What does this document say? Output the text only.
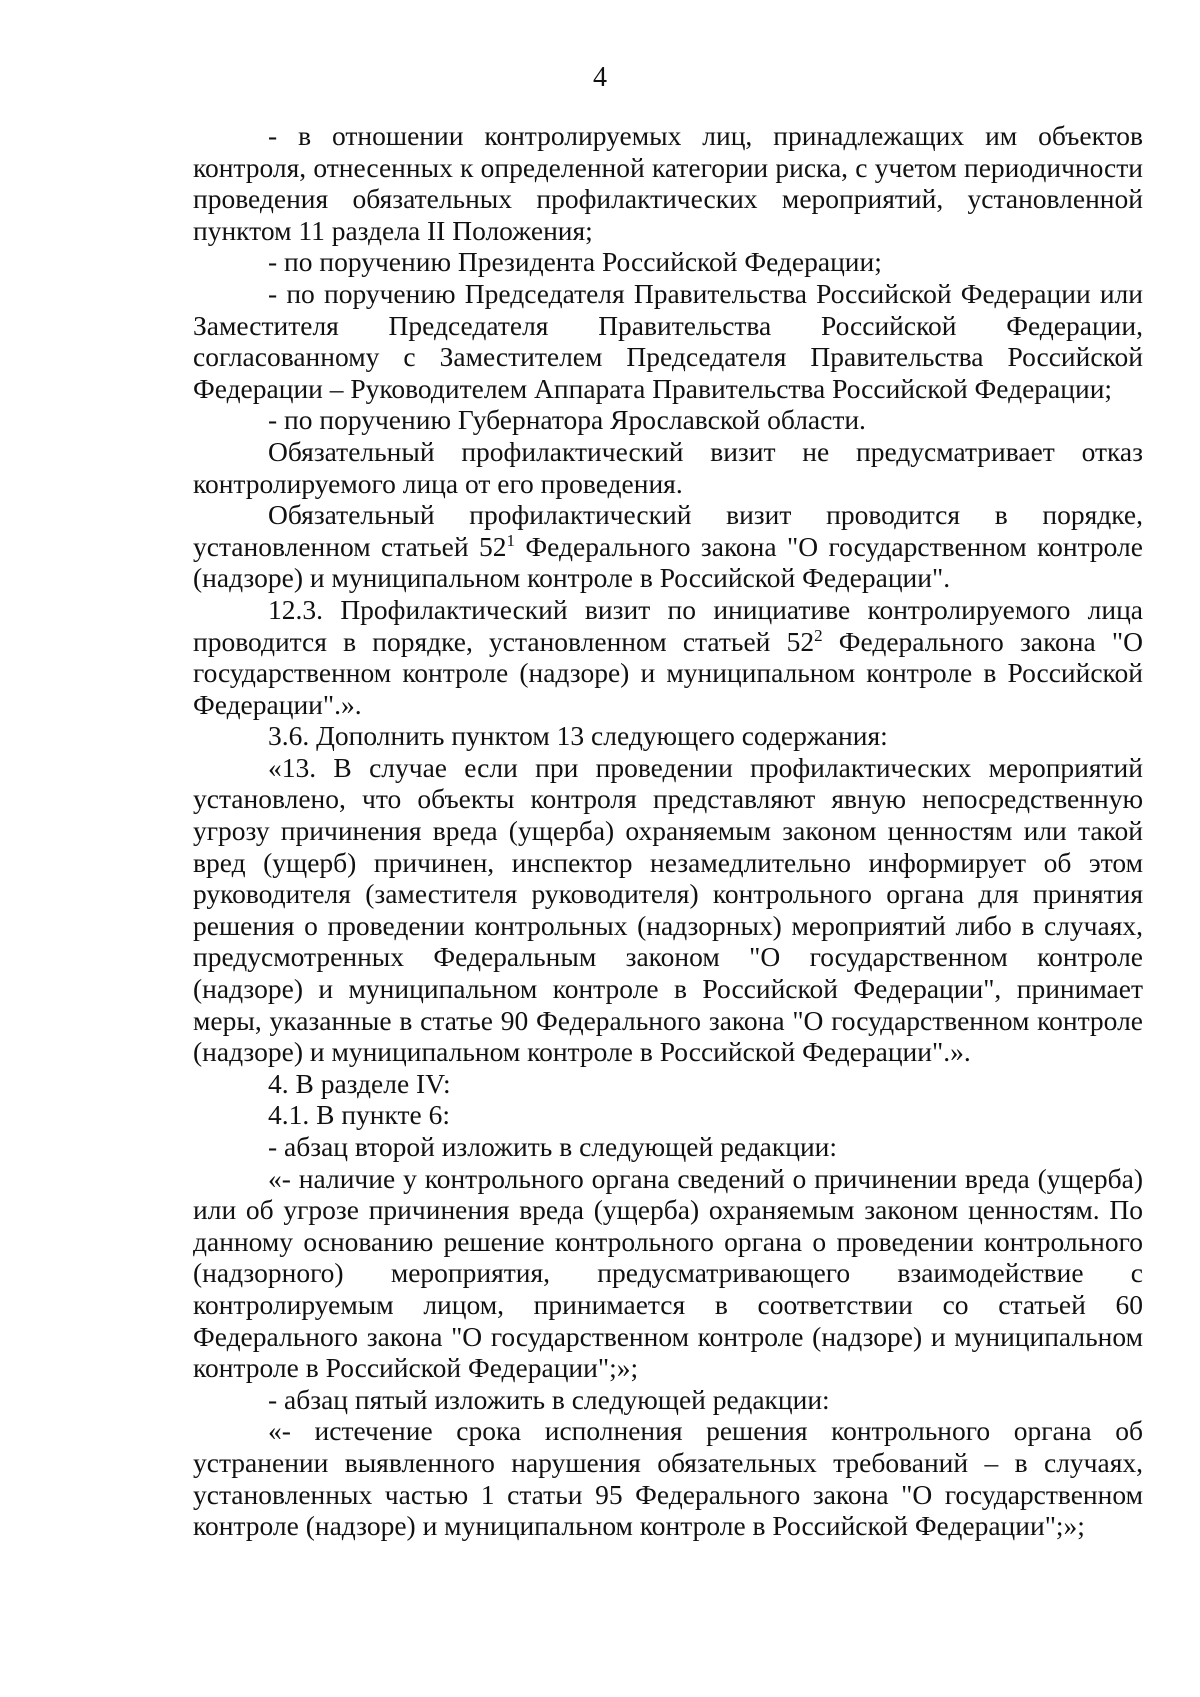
4

- в отношении контролируемых лиц, принадлежащих им объектов контроля, отнесенных к определенной категории риска, с учетом периодичности проведения обязательных профилактических мероприятий, установленной пунктом 11 раздела II Положения;

- по поручению Президента Российской Федерации;

- по поручению Председателя Правительства Российской Федерации или Заместителя Председателя Правительства Российской Федерации, согласованному с Заместителем Председателя Правительства Российской Федерации – Руководителем Аппарата Правительства Российской Федерации;

- по поручению Губернатора Ярославской области.

Обязательный профилактический визит не предусматривает отказ контролируемого лица от его проведения.

Обязательный профилактический визит проводится в порядке, установленном статьей $52^1$ Федерального закона "О государственном контроле (надзоре) и муниципальном контроле в Российской Федерации".

12.3. Профилактический визит по инициативе контролируемого лица проводится в порядке, установленном статьей $52^2$ Федерального закона "О государственном контроле (надзоре) и муниципальном контроле в Российской Федерации".».

3.6. Дополнить пунктом 13 следующего содержания:

«13. В случае если при проведении профилактических мероприятий установлено, что объекты контроля представляют явную непосредственную угрозу причинения вреда (ущерба) охраняемым законом ценностям или такой вред (ущерб) причинен, инспектор незамедлительно информирует об этом руководителя (заместителя руководителя) контрольного органа для принятия решения о проведении контрольных (надзорных) мероприятий либо в случаях, предусмотренных Федеральным законом "О государственном контроле (надзоре) и муниципальном контроле в Российской Федерации", принимает меры, указанные в статье 90 Федерального закона "О государственном контроле (надзоре) и муниципальном контроле в Российской Федерации".».

4. В разделе IV:

4.1. В пункте 6:

- абзац второй изложить в следующей редакции:

«- наличие у контрольного органа сведений о причинении вреда (ущерба) или об угрозе причинения вреда (ущерба) охраняемым законом ценностям. По данному основанию решение контрольного органа о проведении контрольного (надзорного) мероприятия, предусматривающего взаимодействие с контролируемым лицом, принимается в соответствии со статьей 60 Федерального закона "О государственном контроле (надзоре) и муниципальном контроле в Российской Федерации";»;

- абзац пятый изложить в следующей редакции:

«- истечение срока исполнения решения контрольного органа об устранении выявленного нарушения обязательных требований – в случаях, установленных частью 1 статьи 95 Федерального закона "О государственном контроле (надзоре) и муниципальном контроле в Российской Федерации";»;
